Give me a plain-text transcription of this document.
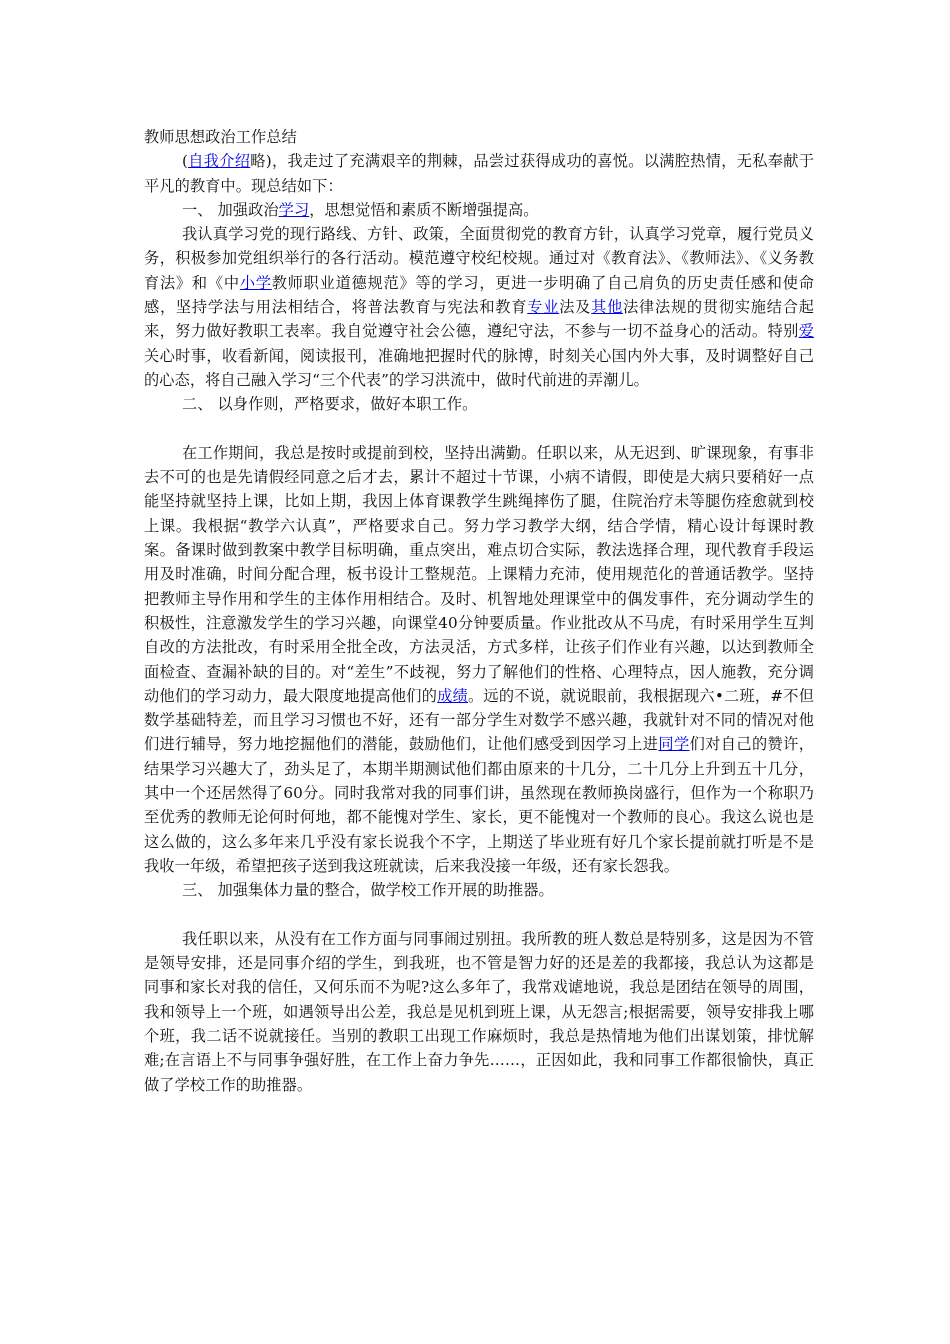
教师思想政治工作总结

(自我介绍略)，我走过了充满艰辛的荆棘，品尝过获得成功的喜悦。以满腔热情，无私奉献于平凡的教育中。现总结如下：

一、 加强政治学习，思想觉悟和素质不断增强提高。

我认真学习党的现行路线、方针、政策，全面贯彻党的教育方针，认真学习党章，履行党员义务，积极参加党组织举行的各行活动。模范遵守校纪校规。通过对《教育法》、《教师法》、《义务教育法》和《中小学教师职业道德规范》等的学习，更进一步明确了自己肩负的历史责任感和使命感，坚持学法与用法相结合，将普法教育与宪法和教育专业法及其他法律法规的贯彻实施结合起来，努力做好教职工表率。我自觉遵守社会公德，遵纪守法，不参与一切不益身心的活动。特别爱关心时事，收看新闻，阅读报刊，准确地把握时代的脉博，时刻关心国内外大事，及时调整好自己的心态，将自己融入学习“三个代表”的学习洪流中，做时代前进的弄潮儿。

二、 以身作则，严格要求，做好本职工作。

在工作期间，我总是按时或提前到校，坚持出满勤。任职以来，从无迟到、旷课现象，有事非去不可的也是先请假经同意之后才去，累计不超过十节课，小病不请假，即使是大病只要稍好一点能坚持就坚持上课，比如上期，我因上体育课教学生跳绳摔伤了腿，住院治疗未等腿伤痊愈就到校上课。我根据“教学六认真”，严格要求自己。努力学习教学大纲，结合学情，精心设计每课时教案。备课时做到教案中教学目标明确，重点突出，难点切合实际，教法选择合理，现代教育手段运用及时准确，时间分配合理，板书设计工整规范。上课精力充沛，使用规范化的普通话教学。坚持把教师主导作用和学生的主体作用相结合。及时、机智地处理课堂中的偶发事件，充分调动学生的积极性，注意激发学生的学习兴趣，向课堂40分钟要质量。作业批改从不马虎，有时采用学生互判自改的方法批改，有时采用全批全改，方法灵活，方式多样，让孩子们作业有兴趣，以达到教师全面检查、查漏补缺的目的。对“差生”不歧视，努力了解他们的性格、心理特点，因人施教，充分调动他们的学习动力，最大限度地提高他们的成绩。远的不说，就说眼前，我根据现六•二班，#不但数学基础特差，而且学习习惯也不好，还有一部分学生对数学不感兴趣，我就针对不同的情况对他们进行辅导，努力地挖掘他们的潜能，鼓励他们，让他们感受到因学习上进同学们对自己的赞许，结果学习兴趣大了，劲头足了，本期半期测试他们都由原来的十几分，二十几分上升到五十几分，其中一个还居然得了60分。同时我常对我的同事们讲，虽然现在教师换岗盛行，但作为一个称职乃至优秀的教师无论何时何地，都不能愧对学生、家长，更不能愧对一个教师的良心。我这么说也是这么做的，这么多年来几乎没有家长说我个不字，上期送了毕业班有好几个家长提前就打听是不是我收一年级，希望把孩子送到我这班就读，后来我没接一年级，还有家长怨我。

三、 加强集体力量的整合，做学校工作开展的助推器。

我任职以来，从没有在工作方面与同事闹过别扭。我所教的班人数总是特别多，这是因为不管是领导安排，还是同事介绍的学生，到我班，也不管是智力好的还是差的我都接，我总认为这都是同事和家长对我的信任，又何乐而不为呢?这么多年了，我常戏谑地说，我总是团结在领导的周围，我和领导上一个班，如遇领导出公差，我总是见机到班上课，从无怨言;根据需要，领导安排我上哪个班，我二话不说就接任。当别的教职工出现工作麻烦时，我总是热情地为他们出谋划策，排忧解难;在言语上不与同事争强好胜，在工作上奋力争先……，正因如此，我和同事工作都很愉快，真正做了学校工作的助推器。
